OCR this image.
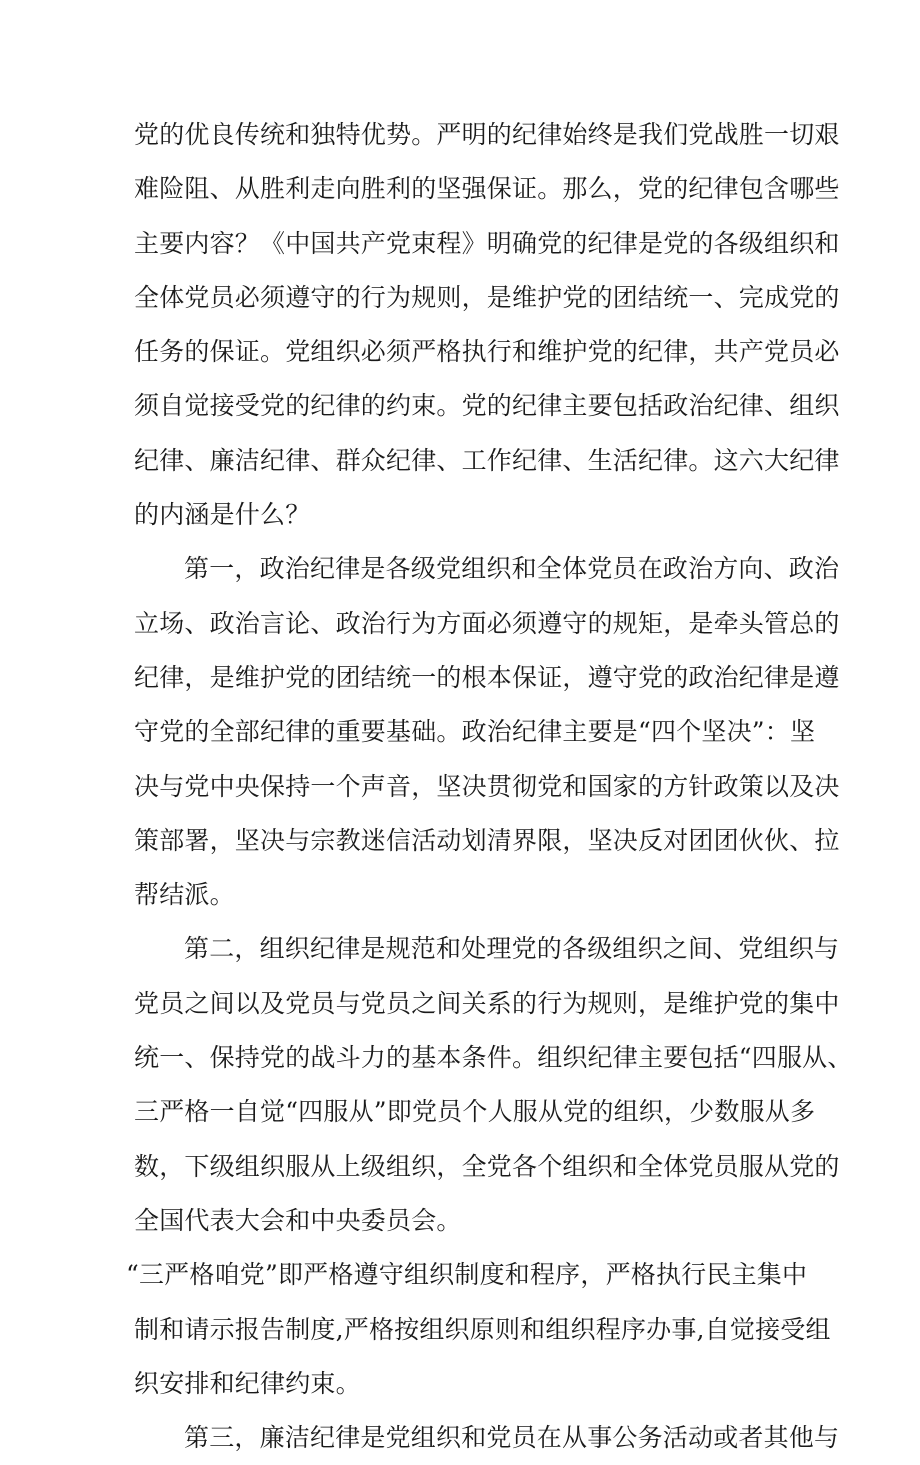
党的优良传统和独特优势。严明的纪律始终是我们党战胜一切艰
难险阻、从胜利走向胜利的坚强保证。那么，党的纪律包含哪些
主要内容？《中国共产党束程》明确党的纪律是党的各级组织和
全体党员必须遵守的行为规则，是维护党的团结统一、完成党的
任务的保证。党组织必须严格执行和维护党的纪律，共产党员必
须自觉接受党的纪律的约束。党的纪律主要包括政治纪律、组织
纪律、廉洁纪律、群众纪律、工作纪律、生活纪律。这六大纪律
的内涵是什么？
第一，政治纪律是各级党组织和全体党员在政治方向、政治
立场、政治言论、政治行为方面必须遵守的规矩，是牵头管总的
纪律，是维护党的团结统一的根本保证，遵守党的政治纪律是遵
守党的全部纪律的重要基础。政治纪律主要是“四个坚决”：坚
决与党中央保持一个声音，坚决贯彻党和国家的方针政策以及决
策部署，坚决与宗教迷信活动划清界限，坚决反对团团伙伙、拉
帮结派。
第二，组织纪律是规范和处理党的各级组织之间、党组织与
党员之间以及党员与党员之间关系的行为规则，是维护党的集中
统一、保持党的战斗力的基本条件。组织纪律主要包括“四服从、
三严格一自觉“四服从”即党员个人服从党的组织，少数服从多
数，下级组织服从上级组织，全党各个组织和全体党员服从党的
全国代表大会和中央委员会。
“三严格咱党”即严格遵守组织制度和程序，严格执行民主集中
制和请示报告制度,严格按组织原则和组织程序办事,自觉接受组
织安排和纪律约束。
第三，廉洁纪律是党组织和党员在从事公务活动或者其他与
